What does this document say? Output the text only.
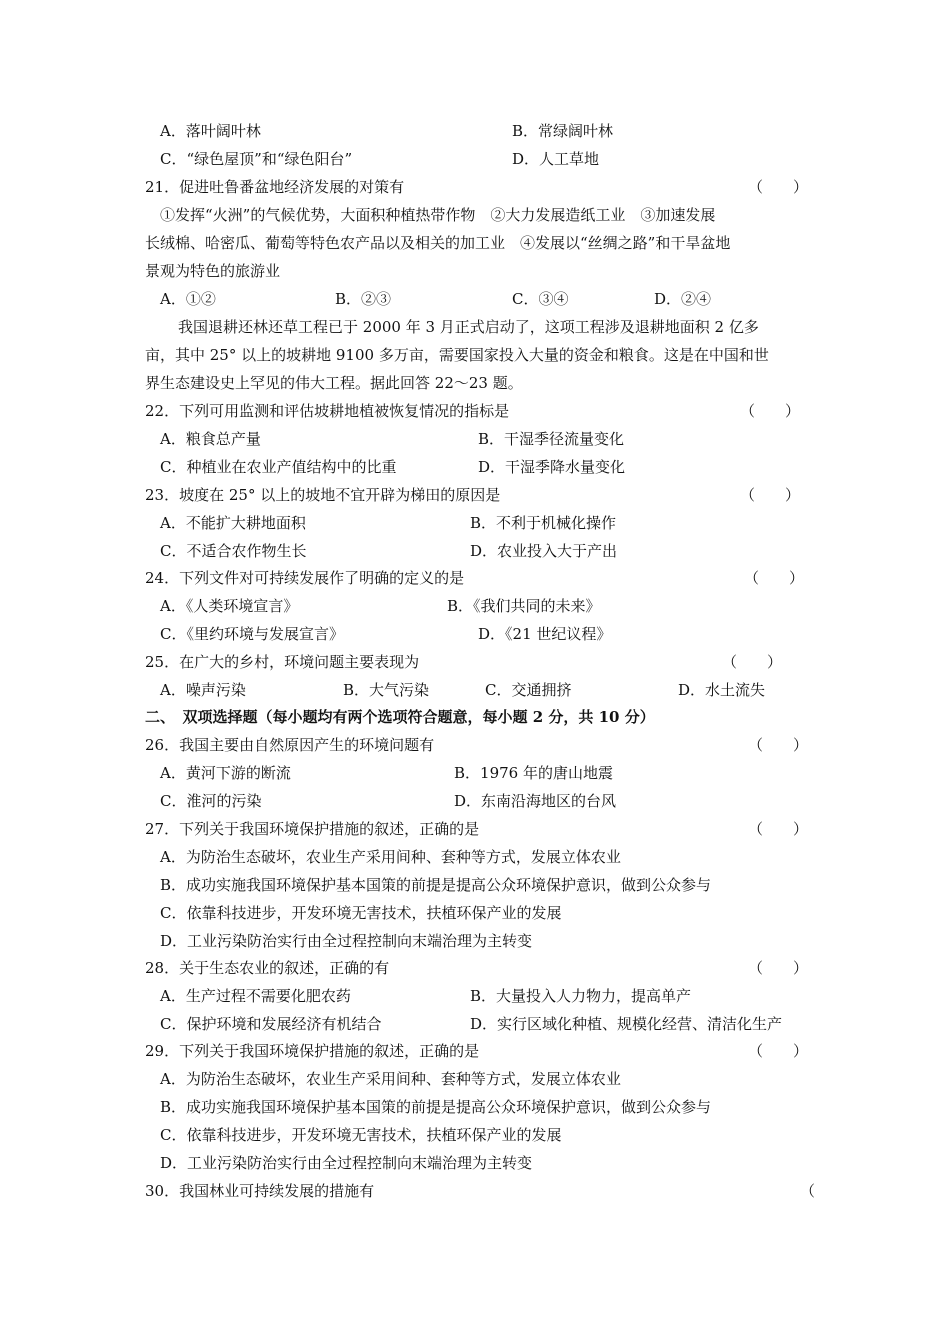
A．落叶阔叶林	B．常绿阔叶林
C．“绿色屋顶”和“绿色阳台”	D．人工草地
21．促进吐鲁番盆地经济发展的对策有	（　　）
①发挥“火洲”的气候优势，大面积种植热带作物　②大力发展造纸工业　③加速发展
长绒棉、哈密瓜、葡萄等特色农产品以及相关的加工业　④发展以“丝绸之路”和干旱盆地
景观为特色的旅游业
A．①②	B．②③	C．③④	D．②④
我国退耕还林还草工程已于 2000 年 3 月正式启动了，这项工程涉及退耕地面积 2 亿多
亩，其中 25° 以上的坡耕地 9100 多万亩，需要国家投入大量的资金和粮食。这是在中国和世
界生态建设史上罕见的伟大工程。据此回答 22～23 题。
22．下列可用监测和评估坡耕地植被恢复情况的指标是	（　　）
A．粮食总产量	B．干湿季径流量变化
C．种植业在农业产值结构中的比重	D．干湿季降水量变化
23．坡度在 25° 以上的坡地不宜开辟为梯田的原因是	（　　）
A．不能扩大耕地面积	B．不利于机械化操作
C．不适合农作物生长	D．农业投入大于产出
24．下列文件对可持续发展作了明确的定义的是	（　　）
A．《人类环境宣言》	B．《我们共同的未来》
C．《里约环境与发展宣言》	D．《21 世纪议程》
25．在广大的乡村，环境问题主要表现为	（　　）
A．噪声污染	B．大气污染	C．交通拥挤	D．水土流失
二、　双项选择题（每小题均有两个选项符合题意，每小题 2 分，共 10 分）
26．我国主要由自然原因产生的环境问题有	（　　）
A．黄河下游的断流	B．1976 年的唐山地震
C．淮河的污染	D．东南沿海地区的台风
27．下列关于我国环境保护措施的叙述，正确的是	（　　）
A．为防治生态破坏，农业生产采用间种、套种等方式，发展立体农业
B．成功实施我国环境保护基本国策的前提是提高公众环境保护意识，做到公众参与
C．依靠科技进步，开发环境无害技术，扶植环保产业的发展
D．工业污染防治实行由全过程控制向末端治理为主转变
28．关于生态农业的叙述，正确的有	（　　）
A．生产过程不需要化肥农药	B．大量投入人力物力，提高单产
C．保护环境和发展经济有机结合	D．实行区域化种植、规模化经营、清洁化生产
29．下列关于我国环境保护措施的叙述，正确的是	（　　）
A．为防治生态破坏，农业生产采用间种、套种等方式，发展立体农业
B．成功实施我国环境保护基本国策的前提是提高公众环境保护意识，做到公众参与
C．依靠科技进步，开发环境无害技术，扶植环保产业的发展
D．工业污染防治实行由全过程控制向末端治理为主转变
30．我国林业可持续发展的措施有	（
